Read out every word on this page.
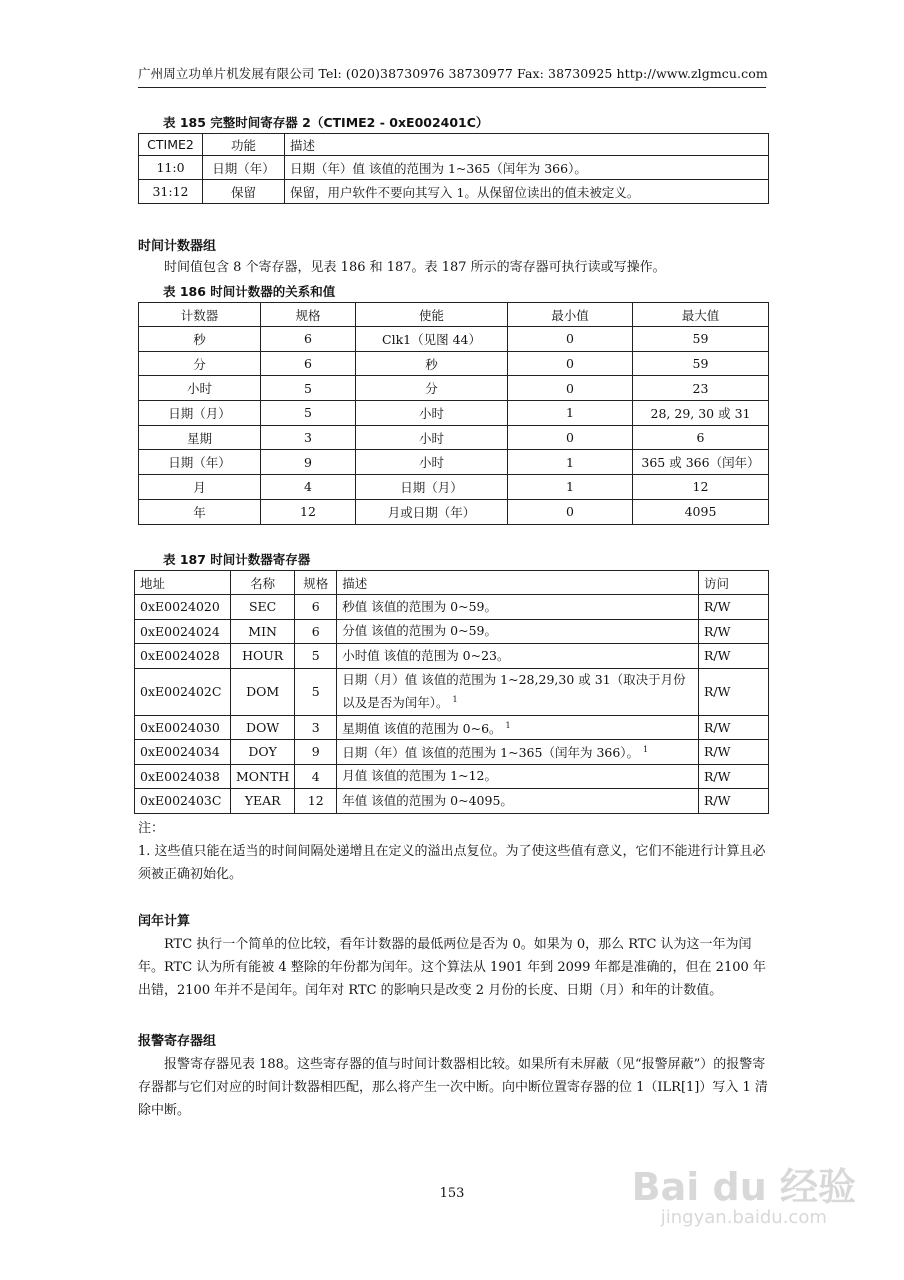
广州周立功单片机发展有限公司 Tel: (020)38730976 38730977 Fax: 38730925 http://www.zlgmcu.com
表 185 完整时间寄存器 2（CTIME2 - 0xE002401C）
CTIME2	功能	描述
11:0	日期（年）	日期（年）值 该值的范围为 1~365（闰年为 366）。
31:12	保留	保留，用户软件不要向其写入 1。从保留位读出的值未被定义。
时间计数器组

时间值包含 8 个寄存器，见表 186 和 187。表 187 所示的寄存器可执行读或写操作。

表 186 时间计数器的关系和值
计数器	规格	使能	最小值	最大值
秒	6	Clk1（见图 44）	0	59
分	6	秒	0	59
小时	5	分	0	23
日期（月）	5	小时	1	28, 29, 30 或 31
星期	3	小时	0	6
日期（年）	9	小时	1	365 或 366（闰年）
月	4	日期（月）	1	12
年	12	月或日期（年）	0	4095
表 187 时间计数器寄存器
地址	名称	规格	描述	访问
0xE0024020	SEC	6	秒值 该值的范围为 0~59。	R/W
0xE0024024	MIN	6	分值 该值的范围为 0~59。	R/W
0xE0024028	HOUR	5	小时值 该值的范围为 0~23。	R/W
0xE002402C	DOM	5	日期（月）值 该值的范围为 1~28,29,30 或 31（取决于月份以及是否为闰年）。 $^1$	R/W
0xE0024030	DOW	3	星期值 该值的范围为 0~6。 $^1$	R/W
0xE0024034	DOY	9	日期（年）值 该值的范围为 1~365（闰年为 366）。 $^1$	R/W
0xE0024038	MONTH	4	月值 该值的范围为 1~12。	R/W
0xE002403C	YEAR	12	年值 该值的范围为 0~4095。	R/W
注：
1. 这些值只能在适当的时间间隔处递增且在定义的溢出点复位。为了使这些值有意义，它们不能进行计算且必须被正确初始化。
闰年计算

RTC 执行一个简单的位比较，看年计数器的最低两位是否为 0。如果为 0，那么 RTC 认为这一年为闰年。RTC 认为所有能被 4 整除的年份都为闰年。这个算法从 1901 年到 2099 年都是准确的，但在 2100 年出错，2100 年并不是闰年。闰年对 RTC 的影响只是改变 2 月份的长度、日期（月）和年的计数值。

报警寄存器组

报警寄存器见表 188。这些寄存器的值与时间计数器相比较。如果所有未屏蔽（见“报警屏蔽”）的报警寄存器都与它们对应的时间计数器相匹配，那么将产生一次中断。向中断位置寄存器的位 1（ILR[1]）写入 1 清除中断。

153	Bai du 经验
jingyan.baidu.com
